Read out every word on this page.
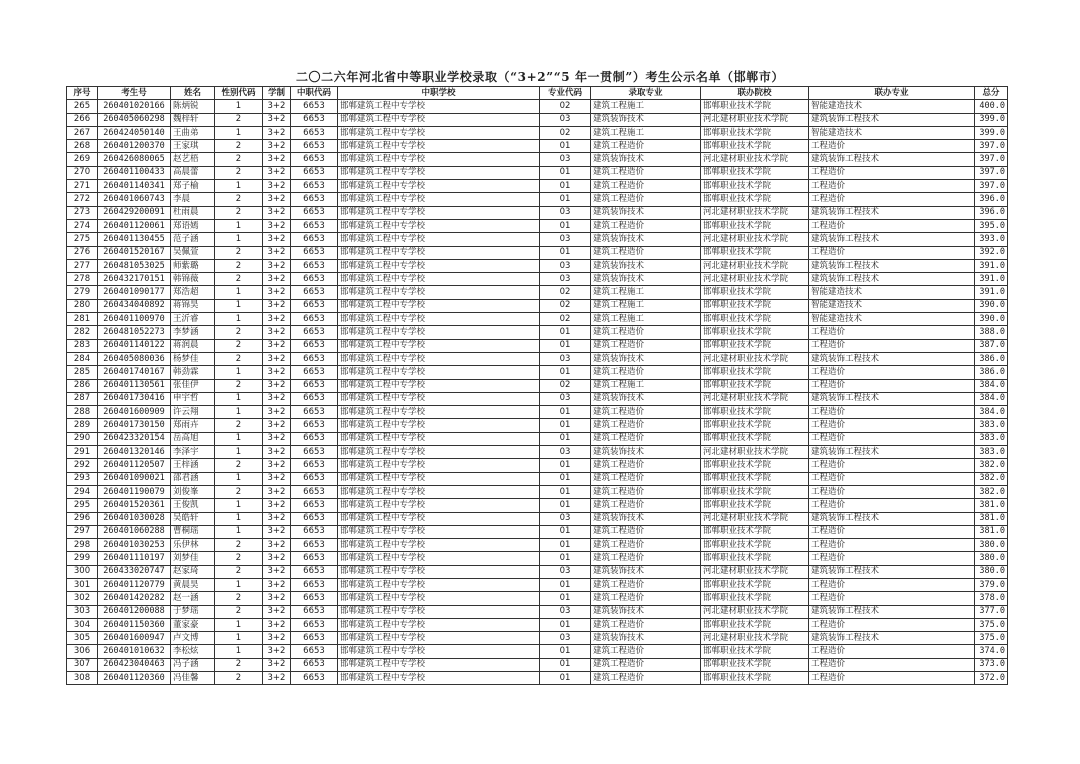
二〇二六年河北省中等职业学校录取（“3+2”“5 年一贯制”）考生公示名单（邯郸市）
序号	考生号	姓名	性别代码	学制	中职代码	中职学校	专业代码	录取专业	联办院校	联办专业	总分
265	260401020166	陈炳锐	1	3+2	6653	邯郸建筑工程中专学校	02	建筑工程施工	邯郸职业技术学院	智能建造技术	400.0
266	260405060298	魏梓轩	2	3+2	6653	邯郸建筑工程中专学校	03	建筑装饰技术	河北建材职业技术学院	建筑装饰工程技术	399.0
267	260424050140	王曲弟	1	3+2	6653	邯郸建筑工程中专学校	02	建筑工程施工	邯郸职业技术学院	智能建造技术	399.0
268	260401200370	王家琪	2	3+2	6653	邯郸建筑工程中专学校	01	建筑工程造价	邯郸职业技术学院	工程造价	397.0
269	260426080065	赵艺梧	2	3+2	6653	邯郸建筑工程中专学校	03	建筑装饰技术	河北建材职业技术学院	建筑装饰工程技术	397.0
270	260401100433	高晨蕾	2	3+2	6653	邯郸建筑工程中专学校	01	建筑工程造价	邯郸职业技术学院	工程造价	397.0
271	260401140341	郑子榆	1	3+2	6653	邯郸建筑工程中专学校	01	建筑工程造价	邯郸职业技术学院	工程造价	397.0
272	260401060743	李晨	2	3+2	6653	邯郸建筑工程中专学校	01	建筑工程造价	邯郸职业技术学院	工程造价	396.0
273	260429200091	杜雨晨	2	3+2	6653	邯郸建筑工程中专学校	03	建筑装饰技术	河北建材职业技术学院	建筑装饰工程技术	396.0
274	260401120061	郑语嫣	1	3+2	6653	邯郸建筑工程中专学校	01	建筑工程造价	邯郸职业技术学院	工程造价	395.0
275	260401130455	范子涵	1	3+2	6653	邯郸建筑工程中专学校	03	建筑装饰技术	河北建材职业技术学院	建筑装饰工程技术	393.0
276	260401520167	吴佩萱	2	3+2	6653	邯郸建筑工程中专学校	01	建筑工程造价	邯郸职业技术学院	工程造价	392.0
277	260481053025	师紫璐	2	3+2	6653	邯郸建筑工程中专学校	03	建筑装饰技术	河北建材职业技术学院	建筑装饰工程技术	391.0
278	260432170151	韩锦薇	2	3+2	6653	邯郸建筑工程中专学校	03	建筑装饰技术	河北建材职业技术学院	建筑装饰工程技术	391.0
279	260401090177	郑浩超	1	3+2	6653	邯郸建筑工程中专学校	02	建筑工程施工	邯郸职业技术学院	智能建造技术	391.0
280	260434040892	蒋锦昊	1	3+2	6653	邯郸建筑工程中专学校	02	建筑工程施工	邯郸职业技术学院	智能建造技术	390.0
281	260401100970	王沂睿	1	3+2	6653	邯郸建筑工程中专学校	02	建筑工程施工	邯郸职业技术学院	智能建造技术	390.0
282	260481052273	李梦涵	2	3+2	6653	邯郸建筑工程中专学校	01	建筑工程造价	邯郸职业技术学院	工程造价	388.0
283	260401140122	蒋润晨	2	3+2	6653	邯郸建筑工程中专学校	01	建筑工程造价	邯郸职业技术学院	工程造价	387.0
284	260405080036	杨梦佳	2	3+2	6653	邯郸建筑工程中专学校	03	建筑装饰技术	河北建材职业技术学院	建筑装饰工程技术	386.0
285	260401740167	韩劲霖	1	3+2	6653	邯郸建筑工程中专学校	01	建筑工程造价	邯郸职业技术学院	工程造价	386.0
286	260401130561	张佳伊	2	3+2	6653	邯郸建筑工程中专学校	02	建筑工程施工	邯郸职业技术学院	工程造价	384.0
287	260401730416	申宇哲	1	3+2	6653	邯郸建筑工程中专学校	03	建筑装饰技术	河北建材职业技术学院	建筑装饰工程技术	384.0
288	260401600909	许云翔	1	3+2	6653	邯郸建筑工程中专学校	01	建筑工程造价	邯郸职业技术学院	工程造价	384.0
289	260401730150	郑雨卉	2	3+2	6653	邯郸建筑工程中专学校	01	建筑工程造价	邯郸职业技术学院	工程造价	383.0
290	260423320154	岳高旭	1	3+2	6653	邯郸建筑工程中专学校	01	建筑工程造价	邯郸职业技术学院	工程造价	383.0
291	260401320146	李泽宇	1	3+2	6653	邯郸建筑工程中专学校	03	建筑装饰技术	河北建材职业技术学院	建筑装饰工程技术	383.0
292	260401120507	王梓涵	2	3+2	6653	邯郸建筑工程中专学校	01	建筑工程造价	邯郸职业技术学院	工程造价	382.0
293	260401090021	邵君涵	1	3+2	6653	邯郸建筑工程中专学校	01	建筑工程造价	邯郸职业技术学院	工程造价	382.0
294	260401190079	刘俊峯	2	3+2	6653	邯郸建筑工程中专学校	01	建筑工程造价	邯郸职业技术学院	工程造价	382.0
295	260401520361	王俊凯	1	3+2	6653	邯郸建筑工程中专学校	01	建筑工程造价	邯郸职业技术学院	工程造价	381.0
296	260401030028	吴皓轩	1	3+2	6653	邯郸建筑工程中专学校	03	建筑装饰技术	河北建材职业技术学院	建筑装饰工程技术	381.0
297	260401060288	曹桐瑶	1	3+2	6653	邯郸建筑工程中专学校	01	建筑工程造价	邯郸职业技术学院	工程造价	381.0
298	260401030253	乐伊林	2	3+2	6653	邯郸建筑工程中专学校	01	建筑工程造价	邯郸职业技术学院	工程造价	380.0
299	260401110197	刘梦佳	2	3+2	6653	邯郸建筑工程中专学校	01	建筑工程造价	邯郸职业技术学院	工程造价	380.0
300	260433020747	赵家琦	2	3+2	6653	邯郸建筑工程中专学校	03	建筑装饰技术	河北建材职业技术学院	建筑装饰工程技术	380.0
301	260401120779	黄晨昊	1	3+2	6653	邯郸建筑工程中专学校	01	建筑工程造价	邯郸职业技术学院	工程造价	379.0
302	260401420282	赵一涵	2	3+2	6653	邯郸建筑工程中专学校	01	建筑工程造价	邯郸职业技术学院	工程造价	378.0
303	260401200088	于梦瑶	2	3+2	6653	邯郸建筑工程中专学校	03	建筑装饰技术	河北建材职业技术学院	建筑装饰工程技术	377.0
304	260401150360	董家豪	1	3+2	6653	邯郸建筑工程中专学校	01	建筑工程造价	邯郸职业技术学院	工程造价	375.0
305	260401600947	卢文博	1	3+2	6653	邯郸建筑工程中专学校	03	建筑装饰技术	河北建材职业技术学院	建筑装饰工程技术	375.0
306	260401010632	李松炫	1	3+2	6653	邯郸建筑工程中专学校	01	建筑工程造价	邯郸职业技术学院	工程造价	374.0
307	260423040463	冯子涵	2	3+2	6653	邯郸建筑工程中专学校	01	建筑工程造价	邯郸职业技术学院	工程造价	373.0
308	260401120360	冯佳馨	2	3+2	6653	邯郸建筑工程中专学校	01	建筑工程造价	邯郸职业技术学院	工程造价	372.0
